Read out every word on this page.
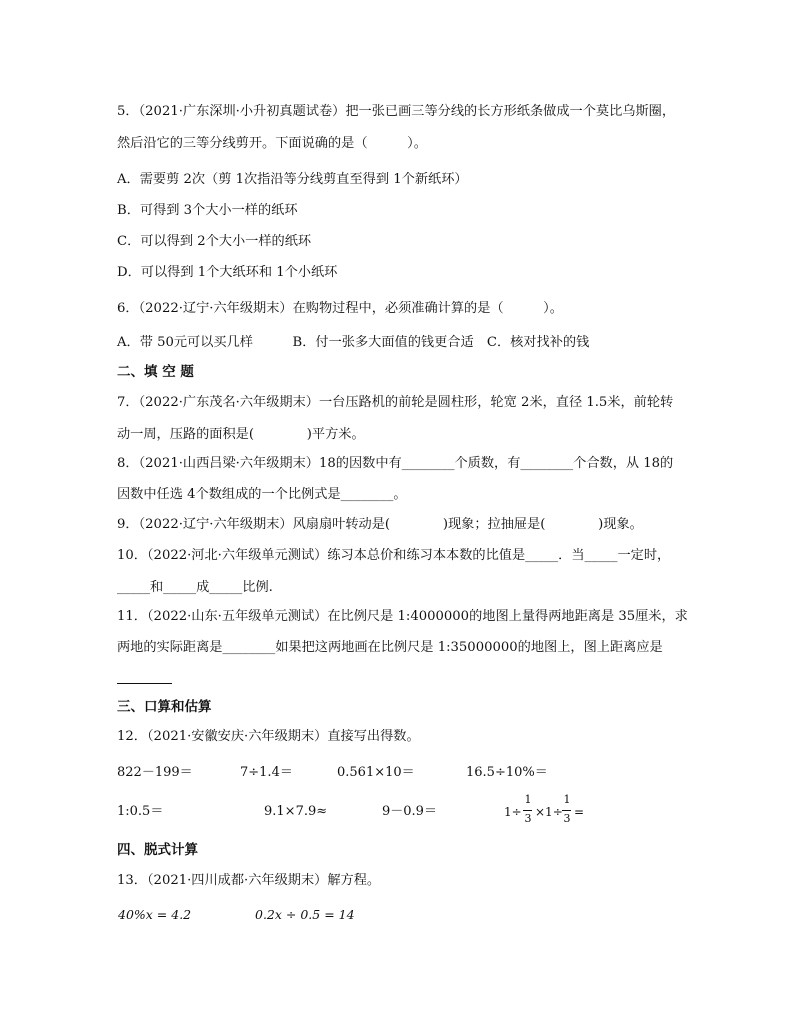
5．（2021·广东深圳·小升初真题试卷）把一张已画三等分线的长方形纸条做成一个莫比乌斯圈，
然后沿它的三等分线剪开。下面说确的是（　　　）。
A．需要剪 2次（剪 1次指沿等分线剪直至得到 1个新纸环）
B．可得到 3个大小一样的纸环
C．可以得到 2个大小一样的纸环
D．可以得到 1个大纸环和 1个小纸环
6．（2022·辽宁·六年级期末）在购物过程中，必须准确计算的是（　　　）。
A．带 50元可以买几样　　　B．付一张多大面值的钱更合适　C．核对找补的钱
二、填 空 题
7．（2022·广东茂名·六年级期末）一台压路机的前轮是圆柱形，轮宽 2米，直径 1.5米，前轮转
动一周，压路的面积是(　　　　)平方米。
8．（2021·山西吕梁·六年级期末）18的因数中有________个质数，有________个合数，从 18的
因数中任选 4个数组成的一个比例式是________。
9．（2022·辽宁·六年级期末）风扇扇叶转动是(　　　　)现象；拉抽屉是(　　　　)现象。
10．（2022·河北·六年级单元测试）练习本总价和练习本本数的比值是_____．当_____一定时，
_____和_____成_____比例.
11．（2022·山东·五年级单元测试）在比例尺是 1:4000000的地图上量得两地距离是 35厘米，求
两地的实际距离是________如果把这两地画在比例尺是 1:35000000的地图上，图上距离应是
三、口算和估算
12．（2021·安徽安庆·六年级期末）直接写出得数。
822－199＝	7÷1.4＝	0.561×10＝	16.5÷10%＝
1:0.5＝	9.1×7.9≈	9－0.9＝	1÷
1
3 ×1÷
1
3 =
四、脱式计算
13．（2021·四川成都·六年级期末）解方程。
40%x = 4.2	0.2x ÷ 0.5 = 14
